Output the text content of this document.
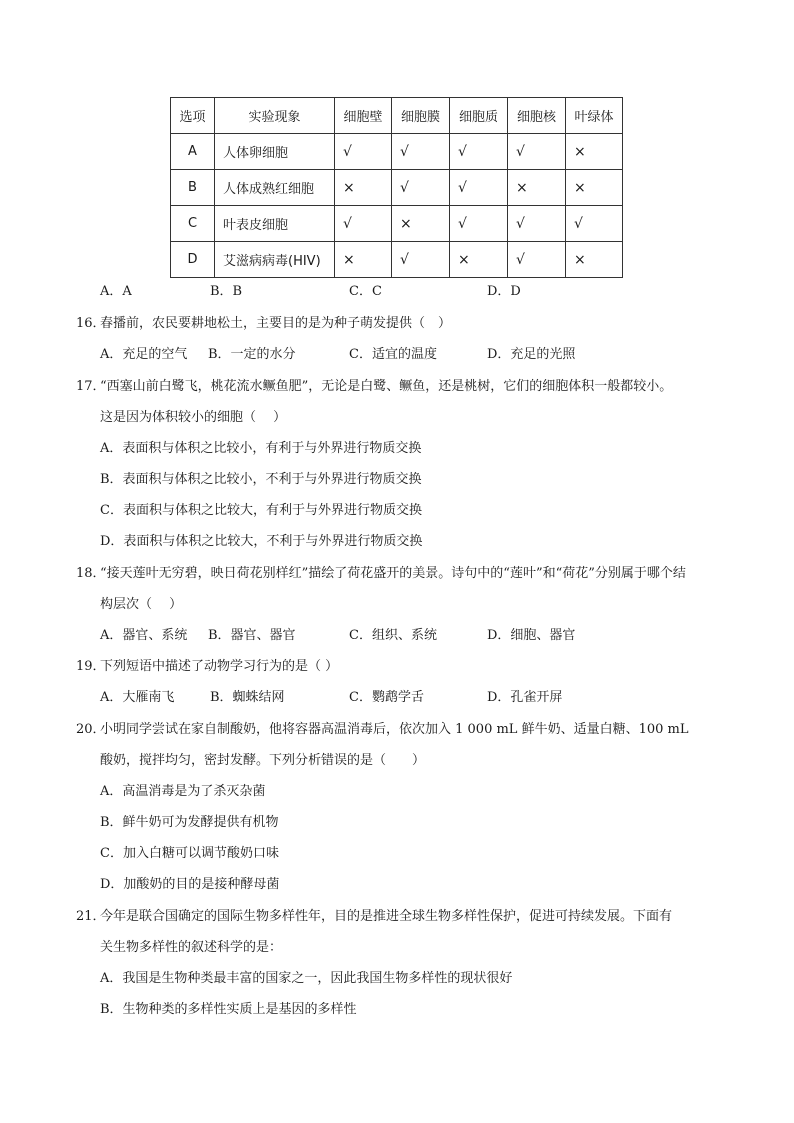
选项	实验现象	细胞壁	细胞膜	细胞质	细胞核	叶绿体
A	人体卵细胞	√	√	√	√	×
B	人体成熟红细胞	×	√	√	×	×
C	叶表皮细胞	√	×	√	√	√
D	艾滋病病毒(HIV)	×	√	×	√	×
A．A	B．B	C．C	D．D
16．
春播前，农民要耕地松土，主要目的是为种子萌发提供（　）
A．充足的空气 B．一定的水分	C．适宜的温度	D．充足的光照
17．
“西塞山前白鹭飞，桃花流水鳜鱼肥”，无论是白鹭、鳜鱼，还是桃树，它们的细胞体积一般都较小。
这是因为体积较小的细胞（　 ）
A．表面积与体积之比较小，有利于与外界进行物质交换
B．表面积与体积之比较小，不利于与外界进行物质交换
C．表面积与体积之比较大，有利于与外界进行物质交换
D．表面积与体积之比较大，不利于与外界进行物质交换
18．
“接天莲叶无穷碧，映日荷花别样红”描绘了荷花盛开的美景。诗句中的“莲叶”和“荷花”分别属于哪个结
构层次（　 ）
A．器官、系统 B．器官、器官	C．组织、系统	D．细胞、器官
19．
下列短语中描述了动物学习行为的是（ ）
A．大雁南飞	B．蜘蛛结网	C．鹦鹉学舌	D．孔雀开屏
20．
小明同学尝试在家自制酸奶，他将容器高温消毒后，依次加入 1 000 mL 鲜牛奶、适量白糖、100 mL
酸奶，搅拌均匀，密封发酵。下列分析错误的是（　　）
A．高温消毒是为了杀灭杂菌
B．鲜牛奶可为发酵提供有机物
C．加入白糖可以调节酸奶口味
D．加酸奶的目的是接种酵母菌
21．
今年是联合国确定的国际生物多样性年，目的是推进全球生物多样性保护，促进可持续发展。下面有
关生物多样性的叙述科学的是：
A．我国是生物种类最丰富的国家之一，因此我国生物多样性的现状很好
B．生物种类的多样性实质上是基因的多样性
